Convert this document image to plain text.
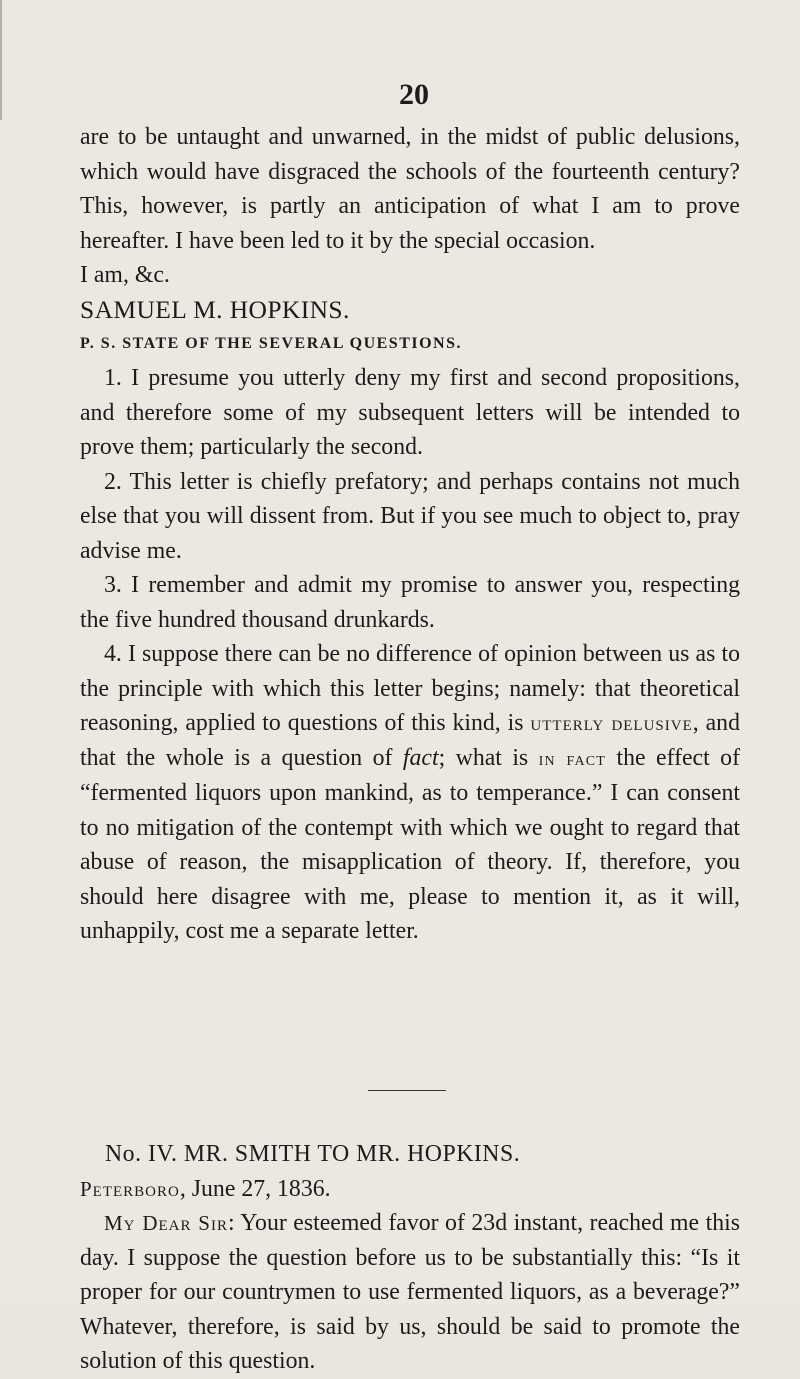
20

are to be untaught and unwarned, in the midst of public delusions, which would have disgraced the schools of the fourteenth century? This, however, is partly an anticipation of what I am to prove hereafter. I have been led to it by the special occasion.

I am, &c.

SAMUEL M. HOPKINS.

P. S. STATE OF THE SEVERAL QUESTIONS.

1. I presume you utterly deny my first and second propositions, and therefore some of my subsequent letters will be intended to prove them; particularly the second.

2. This letter is chiefly prefatory; and perhaps contains not much else that you will dissent from. But if you see much to object to, pray advise me.

3. I remember and admit my promise to answer you, respecting the five hundred thousand drunkards.

4. I suppose there can be no difference of opinion between us as to the principle with which this letter begins; namely: that theoretical reasoning, applied to questions of this kind, is utterly delusive, and that the whole is a question of fact; what is in fact the effect of “fermented liquors upon mankind, as to temperance.” I can consent to no mitigation of the contempt with which we ought to regard that abuse of reason, the misapplication of theory. If, therefore, you should here disagree with me, please to mention it, as it will, unhappily, cost me a separate letter.

No. IV. MR. SMITH TO MR. HOPKINS.

Peterboro, June 27, 1836.

My Dear Sir: Your esteemed favor of 23d instant, reached me this day. I suppose the question before us to be substantially this: “Is it proper for our countrymen to use fermented liquors, as a beverage?” Whatever, therefore, is said by us, should be said to promote the solution of this question.
